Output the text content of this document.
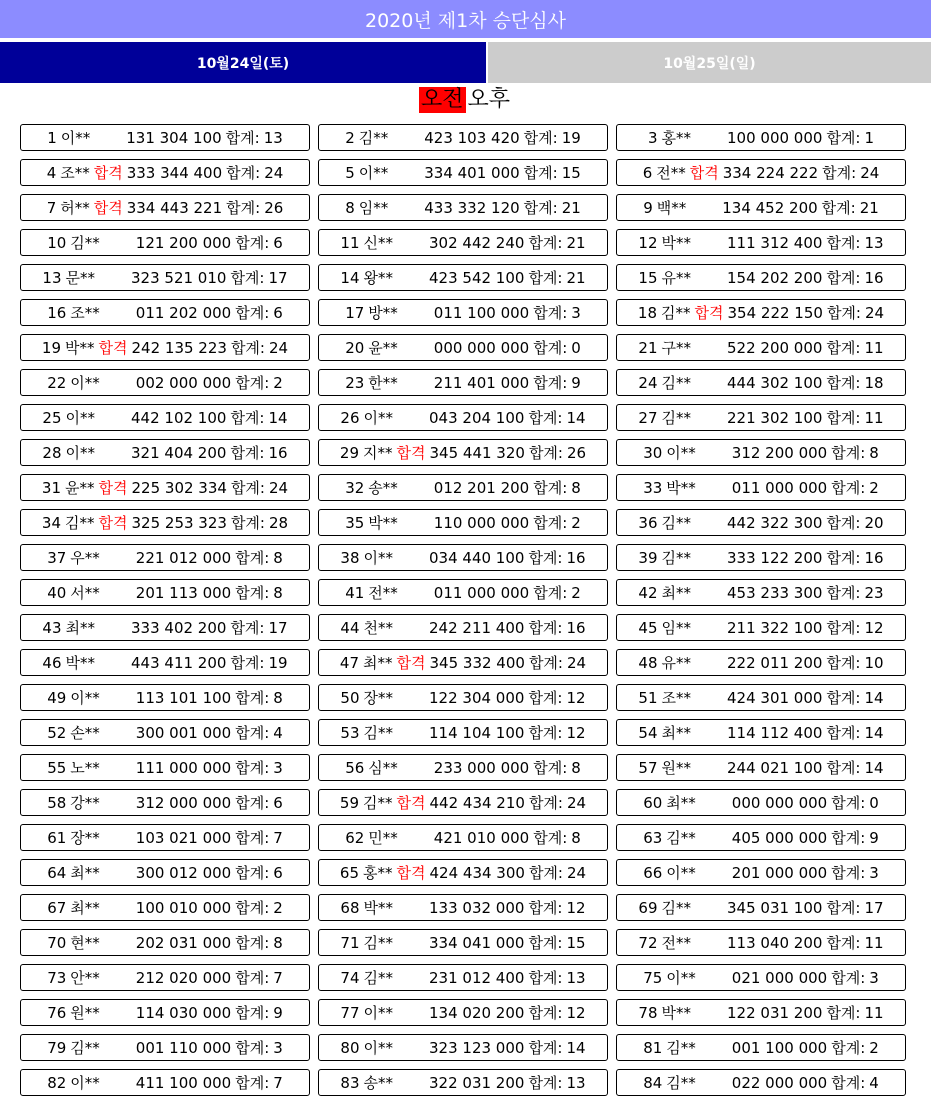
2020년 제1차 승단심사
10월24일(토)	10월25일(일)
오전 오후
1 이** 131 304 100 합계: 13	2 김** 423 103 420 합계: 19	3 홍** 100 000 000 합계: 1
4 조** 합격 333 344 400 합계: 24	5 이** 334 401 000 합계: 15	6 전** 합격 334 224 222 합계: 24
7 허** 합격 334 443 221 합계: 26	8 임** 433 332 120 합계: 21	9 백** 134 452 200 합계: 21
10 김** 121 200 000 합계: 6	11 신** 302 442 240 합계: 21	12 박** 111 312 400 합계: 13
13 문** 323 521 010 합계: 17	14 왕** 423 542 100 합계: 21	15 유** 154 202 200 합계: 16
16 조** 011 202 000 합계: 6	17 방** 011 100 000 합계: 3	18 김** 합격 354 222 150 합계: 24
19 박** 합격 242 135 223 합계: 24	20 윤** 000 000 000 합계: 0	21 구** 522 200 000 합계: 11
22 이** 002 000 000 합계: 2	23 한** 211 401 000 합계: 9	24 김** 444 302 100 합계: 18
25 이** 442 102 100 합계: 14	26 이** 043 204 100 합계: 14	27 김** 221 302 100 합계: 11
28 이** 321 404 200 합계: 16	29 지** 합격 345 441 320 합계: 26	30 이** 312 200 000 합계: 8
31 윤** 합격 225 302 334 합계: 24	32 송** 012 201 200 합계: 8	33 박** 011 000 000 합계: 2
34 김** 합격 325 253 323 합계: 28	35 박** 110 000 000 합계: 2	36 김** 442 322 300 합계: 20
37 우** 221 012 000 합계: 8	38 이** 034 440 100 합계: 16	39 김** 333 122 200 합계: 16
40 서** 201 113 000 합계: 8	41 전** 011 000 000 합계: 2	42 최** 453 233 300 합계: 23
43 최** 333 402 200 합계: 17	44 천** 242 211 400 합계: 16	45 임** 211 322 100 합계: 12
46 박** 443 411 200 합계: 19	47 최** 합격 345 332 400 합계: 24	48 유** 222 011 200 합계: 10
49 이** 113 101 100 합계: 8	50 장** 122 304 000 합계: 12	51 조** 424 301 000 합계: 14
52 손** 300 001 000 합계: 4	53 김** 114 104 100 합계: 12	54 최** 114 112 400 합계: 14
55 노** 111 000 000 합계: 3	56 심** 233 000 000 합계: 8	57 원** 244 021 100 합계: 14
58 강** 312 000 000 합계: 6	59 김** 합격 442 434 210 합계: 24	60 최** 000 000 000 합계: 0
61 장** 103 021 000 합계: 7	62 민** 421 010 000 합계: 8	63 김** 405 000 000 합계: 9
64 최** 300 012 000 합계: 6	65 홍** 합격 424 434 300 합계: 24	66 이** 201 000 000 합계: 3
67 최** 100 010 000 합계: 2	68 박** 133 032 000 합계: 12	69 김** 345 031 100 합계: 17
70 현** 202 031 000 합계: 8	71 김** 334 041 000 합계: 15	72 전** 113 040 200 합계: 11
73 안** 212 020 000 합계: 7	74 김** 231 012 400 합계: 13	75 이** 021 000 000 합계: 3
76 원** 114 030 000 합계: 9	77 이** 134 020 200 합계: 12	78 박** 122 031 200 합계: 11
79 김** 001 110 000 합계: 3	80 이** 323 123 000 합계: 14	81 김** 001 100 000 합계: 2
82 이** 411 100 000 합계: 7	83 송** 322 031 200 합계: 13	84 김** 022 000 000 합계: 4
